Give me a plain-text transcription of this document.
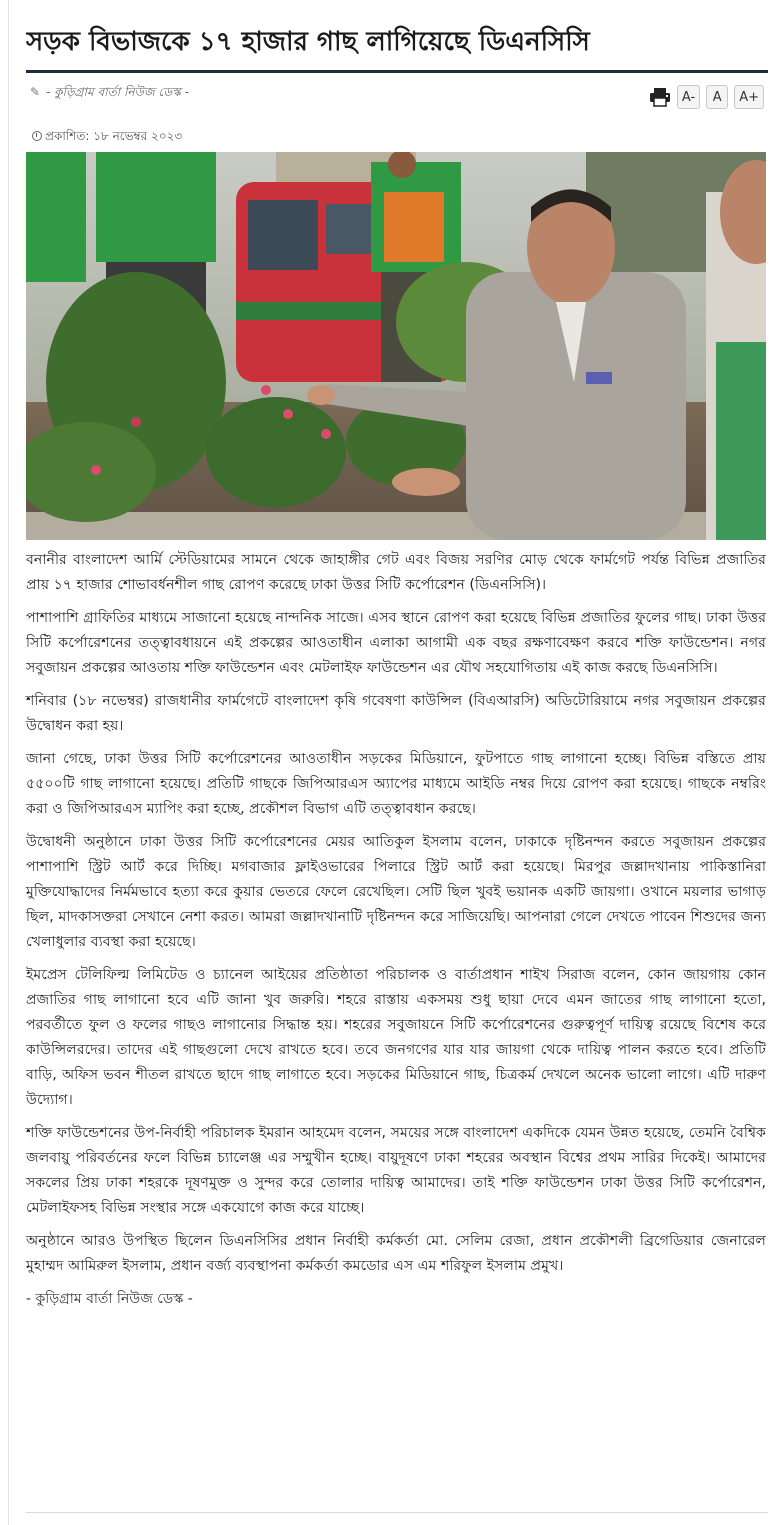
সড়ক বিভাজকে ১৭ হাজার গাছ লাগিয়েছে ডিএনসিসি
✎ - কুড়িগ্রাম বার্তা নিউজ ডেস্ক -	A-	A	A+
প্রকাশিত: ১৮ নভেম্বর ২০২৩

বনানীর বাংলাদেশ আর্মি স্টেডিয়ামের সামনে থেকে জাহাঙ্গীর গেট এবং বিজয় সরণির মোড় থেকে ফার্মগেট পর্যন্ত বিভিন্ন প্রজাতির প্রায় ১৭ হাজার শোভাবর্ধনশীল গাছ রোপণ করেছে ঢাকা উত্তর সিটি কর্পোরেশন (ডিএনসিসি)।

পাশাপাশি গ্রাফিতির মাধ্যমে সাজানো হয়েছে নান্দনিক সাজে। এসব স্থানে রোপণ করা হয়েছে বিভিন্ন প্রজাতির ফুলের গাছ। ঢাকা উত্তর সিটি কর্পোরেশনের তত্ত্বাবধায়নে এই প্রকল্পের আওতাধীন এলাকা আগামী এক বছর রক্ষণাবেক্ষণ করবে শক্তি ফাউন্ডেশন। নগর সবুজায়ন প্রকল্পের আওতায় শক্তি ফাউন্ডেশন এবং মেটলাইফ ফাউন্ডেশন এর যৌথ সহযোগিতায় এই কাজ করছে ডিএনসিসি।

শনিবার (১৮ নভেম্বর) রাজধানীর ফার্মগেটে বাংলাদেশ কৃষি গবেষণা কাউন্সিল (বিএআরসি) অডিটোরিয়ামে নগর সবুজায়ন প্রকল্পের উদ্বোধন করা হয়।

জানা গেছে, ঢাকা উত্তর সিটি কর্পোরেশনের আওতাধীন সড়কের মিডিয়ানে, ফুটপাতে গাছ লাগানো হচ্ছে। বিভিন্ন বস্তিতে প্রায় ৫৫০০টি গাছ লাগানো হয়েছে। প্রতিটি গাছকে জিপিআরএস অ্যাপের মাধ্যমে আইডি নম্বর দিয়ে রোপণ করা হয়েছে। গাছকে নম্বরিং করা ও জিপিআরএস ম্যাপিং করা হচ্ছে, প্রকৌশল বিভাগ এটি তত্ত্বাবধান করছে।

উদ্বোধনী অনুষ্ঠানে ঢাকা উত্তর সিটি কর্পোরেশনের মেয়র আতিকুল ইসলাম বলেন, ঢাকাকে দৃষ্টিনন্দন করতে সবুজায়ন প্রকল্পের পাশাপাশি স্ট্রিট আর্ট করে দিচ্ছি। মগবাজার ফ্লাইওভারের পিলারে স্ট্রিট আর্ট করা হয়েছে। মিরপুর জল্লাদখানায় পাকিস্তানিরা মুক্তিযোদ্ধাদের নির্মমভাবে হত্যা করে কুয়ার ভেতরে ফেলে রেখেছিল। সেটি ছিল খুবই ভয়ানক একটি জায়গা। ওখানে ময়লার ভাগাড় ছিল, মাদকাসক্তরা সেখানে নেশা করত। আমরা জল্লাদখানাটি দৃষ্টিনন্দন করে সাজিয়েছি। আপনারা গেলে দেখতে পাবেন শিশুদের জন্য খেলাধুলার ব্যবস্থা করা হয়েছে।

ইমপ্রেস টেলিফিল্ম লিমিটেড ও চ্যানেল আইয়ের প্রতিষ্ঠাতা পরিচালক ও বার্তাপ্রধান শাইখ সিরাজ বলেন, কোন জায়গায় কোন প্রজাতির গাছ লাগানো হবে এটি জানা খুব জরুরি। শহরে রাস্তায় একসময় শুধু ছায়া দেবে এমন জাতের গাছ লাগানো হতো, পরবর্তীতে ফুল ও ফলের গাছও লাগানোর সিদ্ধান্ত হয়। শহরের সবুজায়নে সিটি কর্পোরেশনের গুরুত্বপূর্ণ দায়িত্ব রয়েছে বিশেষ করে কাউন্সিলরদের। তাদের এই গাছগুলো দেখে রাখতে হবে। তবে জনগণের যার যার জায়গা থেকে দায়িত্ব পালন করতে হবে। প্রতিটি বাড়ি, অফিস ভবন শীতল রাখতে ছাদে গাছ লাগাতে হবে। সড়কের মিডিয়ানে গাছ, চিত্রকর্ম দেখলে অনেক ভালো লাগে। এটি দারুণ উদ্যোগ।

শক্তি ফাউন্ডেশনের উপ-নির্বাহী পরিচালক ইমরান আহমেদ বলেন, সময়ের সঙ্গে বাংলাদেশ একদিকে যেমন উন্নত হয়েছে, তেমনি বৈশ্বিক জলবায়ু পরিবর্তনের ফলে বিভিন্ন চ্যালেঞ্জ এর সম্মুখীন হচ্ছে। বায়ুদূষণে ঢাকা শহরের অবস্থান বিশ্বের প্রথম সারির দিকেই। আমাদের সকলের প্রিয় ঢাকা শহরকে দূষণমুক্ত ও সুন্দর করে তোলার দায়িত্ব আমাদের। তাই শক্তি ফাউন্ডেশন ঢাকা উত্তর সিটি কর্পোরেশন, মেটলাইফসহ বিভিন্ন সংস্থার সঙ্গে একযোগে কাজ করে যাচ্ছে।

অনুষ্ঠানে আরও উপস্থিত ছিলেন ডিএনসিসির প্রধান নির্বাহী কর্মকর্তা মো. সেলিম রেজা, প্রধান প্রকৌশলী ব্রিগেডিয়ার জেনারেল মুহাম্মদ আমিরুল ইসলাম, প্রধান বর্জ্য ব্যবস্থাপনা কর্মকর্তা কমডোর এস এম শরিফুল ইসলাম প্রমুখ।

- কুড়িগ্রাম বার্তা নিউজ ডেস্ক -
